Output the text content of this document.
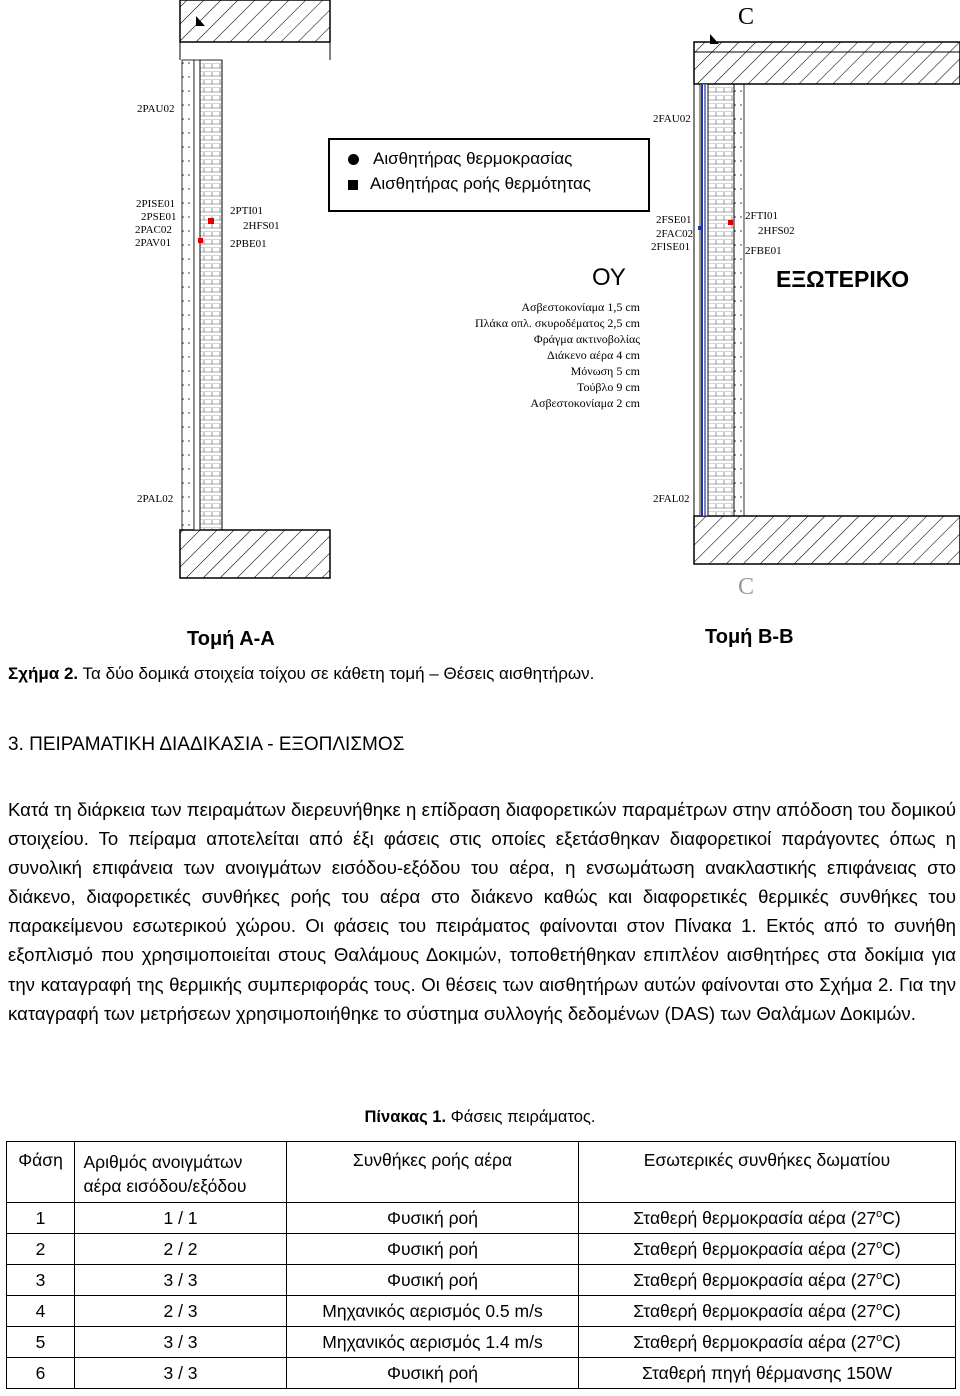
C
C
Αισθητήρας θερμοκρασίας
Αισθητήρας ροής θερμότητας
2PAU02
2PAL02
2PISE01
2PSE01
2PAC02
2PAV01
2PTI01
2HFS01
2PBE01
2FAU02
2FAL02
2FSE01
2FAC02
2FISE01
2FTI01
2HFS02
2FBE01
ΟΥ	ΕΞΩΤΕΡΙΚΟ
Ασβεστοκονίαμα 1,5 cm
Πλάκα οπλ. σκυροδέματος 2,5 cm
Φράγμα ακτινοβολίας
Διάκενο αέρα 4 cm
Μόνωση 5 cm
Τούβλο 9 cm
Ασβεστοκονίαμα 2 cm
Τομή Α-Α	Τομή Β-Β
Σχήμα 2. Τα δύο δομικά στοιχεία τοίχου σε κάθετη τομή – Θέσεις αισθητήρων.
3. ΠΕΙΡΑΜΑΤΙΚΗ ΔΙΑΔΙΚΑΣΙΑ - ΕΞΟΠΛΙΣΜΟΣ
Κατά τη διάρκεια των πειραμάτων διερευνήθηκε η επίδραση διαφορετικών παραμέτρων στην απόδοση του δομικού στοιχείου. Το πείραμα αποτελείται από έξι φάσεις στις οποίες εξετάσθηκαν διαφορετικοί παράγοντες όπως η συνολική επιφάνεια των ανοιγμάτων εισόδου-εξόδου του αέρα, η ενσωμάτωση ανακλαστικής επιφάνειας στο διάκενο, διαφορετικές συνθήκες ροής του αέρα στο διάκενο καθώς και διαφορετικές θερμικές συνθήκες του παρακείμενου εσωτερικού χώρου. Οι φάσεις του πειράματος φαίνονται στον Πίνακα 1. Εκτός από το συνήθη εξοπλισμό που χρησιμοποιείται στους Θαλάμους Δοκιμών, τοποθετήθηκαν επιπλέον αισθητήρες στα δοκίμια για την καταγραφή της θερμικής συμπεριφοράς τους. Οι θέσεις των αισθητήρων αυτών φαίνονται στο Σχήμα 2. Για την καταγραφή των μετρήσεων χρησιμοποιήθηκε το σύστημα συλλογής δεδομένων (DAS) των Θαλάμων Δοκιμών.
Πίνακας 1. Φάσεις πειράματος.
Φάση	Αριθμός ανοιγμάτων αέρα εισόδου/εξόδου	Συνθήκες ροής αέρα	Εσωτερικές συνθήκες δωματίου
1	1 / 1	Φυσική ροή	Σταθερή θερμοκρασία αέρα (27$^o$C)
2	2 / 2	Φυσική ροή	Σταθερή θερμοκρασία αέρα (27$^o$C)
3	3 / 3	Φυσική ροή	Σταθερή θερμοκρασία αέρα (27$^o$C)
4	2 / 3	Μηχανικός αερισμός 0.5 m/s	Σταθερή θερμοκρασία αέρα (27$^o$C)
5	3 / 3	Μηχανικός αερισμός 1.4 m/s	Σταθερή θερμοκρασία αέρα (27$^o$C)
6	3 / 3	Φυσική ροή	Σταθερή πηγή θέρμανσης 150W
